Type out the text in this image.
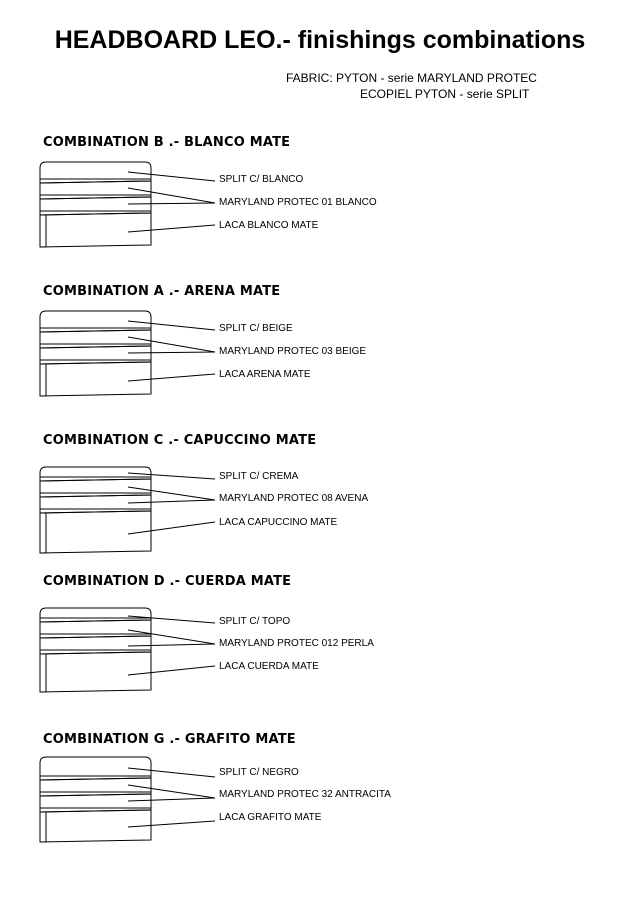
HEADBOARD LEO.- finishings combinations
FABRIC: PYTON - serie MARYLAND PROTEC
ECOPIEL PYTON - serie SPLIT
COMBINATION B .- BLANCO MATE
SPLIT C/ BLANCO
MARYLAND PROTEC 01 BLANCO
LACA BLANCO MATE
COMBINATION A .- ARENA MATE
SPLIT C/ BEIGE
MARYLAND PROTEC 03 BEIGE
LACA ARENA MATE
COMBINATION C .- CAPUCCINO MATE
SPLIT C/ CREMA
MARYLAND PROTEC 08 AVENA
LACA CAPUCCINO MATE
COMBINATION D .- CUERDA MATE
SPLIT C/ TOPO
MARYLAND PROTEC 012 PERLA
LACA CUERDA MATE
COMBINATION G .- GRAFITO MATE
SPLIT C/ NEGRO
MARYLAND PROTEC 32 ANTRACITA
LACA GRAFITO MATE
